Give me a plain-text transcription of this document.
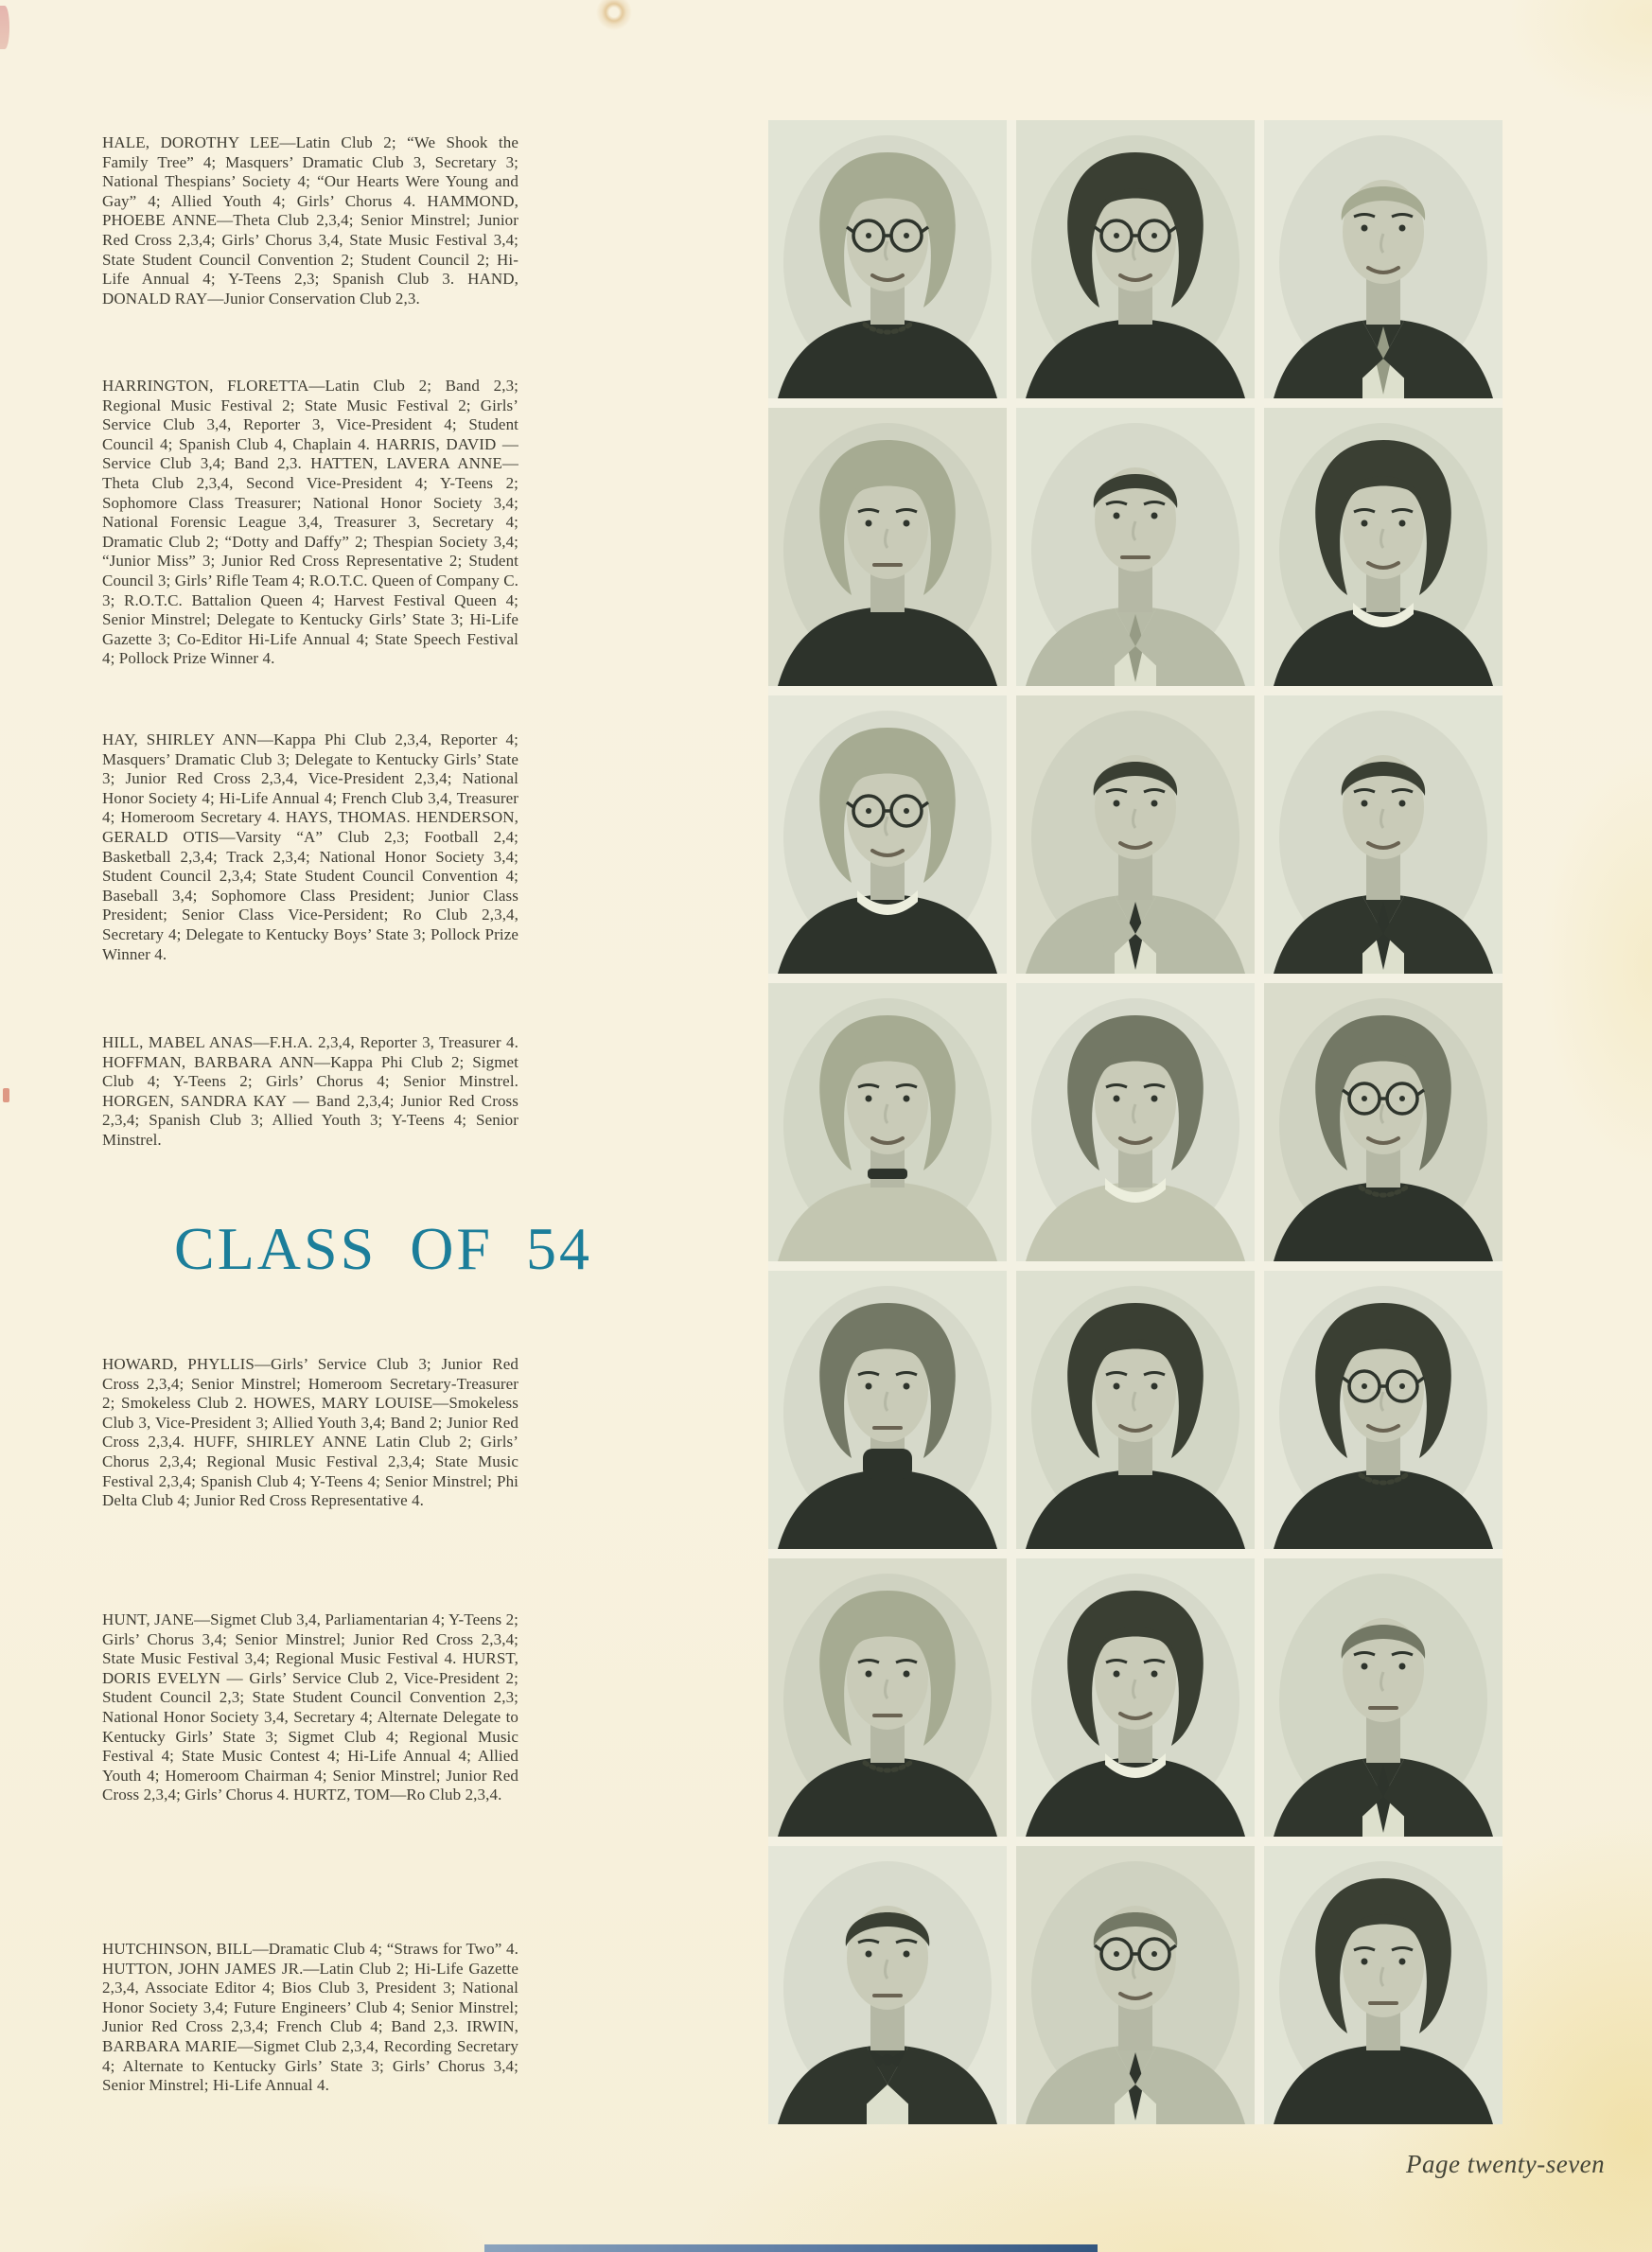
HALE, DOROTHY LEE—Latin Club 2; “We Shook the Family Tree” 4; Masquers’ Dramatic Club 3, Secretary 3; National Thespians’ Society 4; “Our Hearts Were Young and Gay” 4; Allied Youth 4; Girls’ Chorus 4. HAMMOND, PHOEBE ANNE—Theta Club 2,3,4; Senior Minstrel; Junior Red Cross 2,3,4; Girls’ Chorus 3,4, State Music Festival 3,4; State Student Council Convention 2; Student Council 2; Hi-Life Annual 4; Y-Teens 2,3; Spanish Club 3. HAND, DONALD RAY—Junior Conservation Club 2,3.

HARRINGTON, FLORETTA—Latin Club 2; Band 2,3; Regional Music Festival 2; State Music Festival 2; Girls’ Service Club 3,4, Reporter 3, Vice-President 4; Student Council 4; Spanish Club 4, Chaplain 4. HARRIS, DAVID — Service Club 3,4; Band 2,3. HATTEN, LAVERA ANNE—Theta Club 2,3,4, Second Vice-President 4; Y-Teens 2; Sophomore Class Treasurer; National Honor Society 3,4; National Forensic League 3,4, Treasurer 3, Secretary 4; Dramatic Club 2; “Dotty and Daffy” 2; Thespian Society 3,4; “Junior Miss” 3; Junior Red Cross Representative 2; Student Council 3; Girls’ Rifle Team 4; R.O.T.C. Queen of Company C. 3; R.O.T.C. Battalion Queen 4; Harvest Festival Queen 4; Senior Minstrel; Delegate to Kentucky Girls’ State 3; Hi-Life Gazette 3; Co-Editor Hi-Life Annual 4; State Speech Festival 4; Pollock Prize Winner 4.

HAY, SHIRLEY ANN—Kappa Phi Club 2,3,4, Reporter 4; Masquers’ Dramatic Club 3; Delegate to Kentucky Girls’ State 3; Junior Red Cross 2,3,4, Vice-President 2,3,4; National Honor Society 4; Hi-Life Annual 4; French Club 3,4, Treasurer 4; Homeroom Secretary 4. HAYS, THOMAS. HENDERSON, GERALD OTIS—Varsity “A” Club 2,3; Football 2,4; Basketball 2,3,4; Track 2,3,4; National Honor Society 3,4; Student Council 2,3,4; State Student Council Convention 4; Baseball 3,4; Sophomore Class President; Junior Class President; Senior Class Vice-Persident; Ro Club 2,3,4, Secretary 4; Delegate to Kentucky Boys’ State 3; Pollock Prize Winner 4.

HILL, MABEL ANAS—F.H.A. 2,3,4, Reporter 3, Treasurer 4. HOFFMAN, BARBARA ANN—Kappa Phi Club 2; Sigmet Club 4; Y-Teens 2; Girls’ Chorus 4; Senior Minstrel. HORGEN, SANDRA KAY — Band 2,3,4; Junior Red Cross 2,3,4; Spanish Club 3; Allied Youth 3; Y-Teens 4; Senior Minstrel.

CLASS OF 54

HOWARD, PHYLLIS—Girls’ Service Club 3; Junior Red Cross 2,3,4; Senior Minstrel; Homeroom Secretary-Treasurer 2; Smokeless Club 2. HOWES, MARY LOUISE—Smokeless Club 3, Vice-President 3; Allied Youth 3,4; Band 2; Junior Red Cross 2,3,4. HUFF, SHIRLEY ANNE Latin Club 2; Girls’ Chorus 2,3,4; Regional Music Festival 2,3,4; State Music Festival 2,3,4; Spanish Club 4; Y-Teens 4; Senior Minstrel; Phi Delta Club 4; Junior Red Cross Representative 4.

HUNT, JANE—Sigmet Club 3,4, Parliamentarian 4; Y-Teens 2; Girls’ Chorus 3,4; Senior Minstrel; Junior Red Cross 2,3,4; State Music Festival 3,4; Regional Music Festival 4. HURST, DORIS EVELYN — Girls’ Service Club 2, Vice-President 2; Student Council 2,3; State Student Council Convention 2,3; National Honor Society 3,4, Secretary 4; Alternate Delegate to Kentucky Girls’ State 3; Sigmet Club 4; Regional Music Festival 4; State Music Contest 4; Hi-Life Annual 4; Allied Youth 4; Homeroom Chairman 4; Senior Minstrel; Junior Red Cross 2,3,4; Girls’ Chorus 4. HURTZ, TOM—Ro Club 2,3,4.

HUTCHINSON, BILL—Dramatic Club 4; “Straws for Two” 4. HUTTON, JOHN JAMES JR.—Latin Club 2; Hi-Life Gazette 2,3,4, Associate Editor 4; Bios Club 3, President 3; National Honor Society 3,4; Future Engineers’ Club 4; Senior Minstrel; Junior Red Cross 2,3,4; French Club 4; Band 2,3. IRWIN, BARBARA MARIE—Sigmet Club 2,3,4, Recording Secretary 4; Alternate to Kentucky Girls’ State 3; Girls’ Chorus 3,4; Senior Minstrel; Hi-Life Annual 4.

Page twenty-seven
